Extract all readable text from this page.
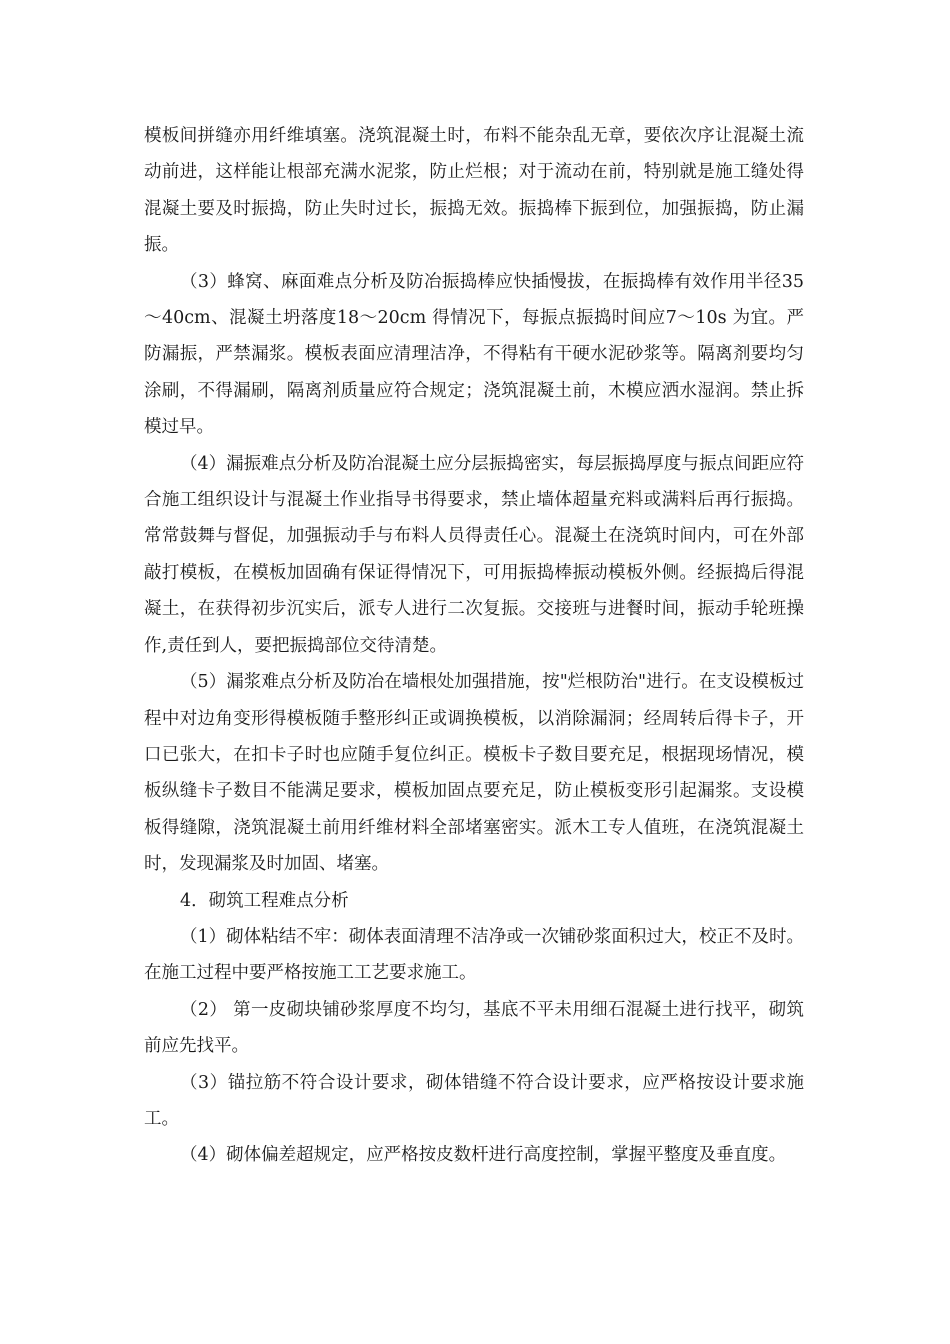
模板间拼缝亦用纤维填塞。浇筑混凝土时，布料不能杂乱无章，要依次序让混凝土流动前进，这样能让根部充满水泥浆，防止烂根；对于流动在前，特别就是施工缝处得混凝土要及时振捣，防止失时过长，振捣无效。振捣棒下振到位，加强振捣，防止漏振。

（3）蜂窝、麻面难点分析及防冶振捣棒应快插慢拔，在振捣棒有效作用半径35～40cm、混凝土坍落度18～20cm 得情况下，每振点振捣时间应7～10s 为宜。严防漏振，严禁漏浆。模板表面应清理洁净，不得粘有干硬水泥砂浆等。隔离剂要均匀涂刷，不得漏刷，隔离剂质量应符合规定；浇筑混凝土前，木模应洒水湿润。禁止拆模过早。

（4）漏振难点分析及防冶混凝土应分层振捣密实，每层振捣厚度与振点间距应符合施工组织设计与混凝土作业指导书得要求，禁止墙体超量充料或满料后再行振捣。常常鼓舞与督促，加强振动手与布料人员得责任心。混凝土在浇筑时间内，可在外部敲打模板，在模板加固确有保证得情况下，可用振捣棒振动模板外侧。经振捣后得混凝土，在获得初步沉实后，派专人进行二次复振。交接班与进餐时间，振动手轮班操作,责任到人，要把振捣部位交待清楚。

（5）漏浆难点分析及防冶在墙根处加强措施，按"烂根防治"进行。在支设模板过程中对边角变形得模板随手整形纠正或调换模板，以消除漏洞；经周转后得卡子，开口已张大，在扣卡子时也应随手复位纠正。模板卡子数目要充足，根据现场情况，模板纵缝卡子数目不能满足要求，模板加固点要充足，防止模板变形引起漏浆。支设模板得缝隙，浇筑混凝土前用纤维材料全部堵塞密实。派木工专人值班，在浇筑混凝土时，发现漏浆及时加固、堵塞。

4．砌筑工程难点分析

（1）砌体粘结不牢：砌体表面清理不洁净或一次铺砂浆面积过大，校正不及时。在施工过程中要严格按施工工艺要求施工。

（2） 第一皮砌块铺砂浆厚度不均匀，基底不平未用细石混凝土进行找平，砌筑前应先找平。

（3）锚拉筋不符合设计要求，砌体错缝不符合设计要求，应严格按设计要求施工。

（4）砌体偏差超规定，应严格按皮数杆进行高度控制，掌握平整度及垂直度。
